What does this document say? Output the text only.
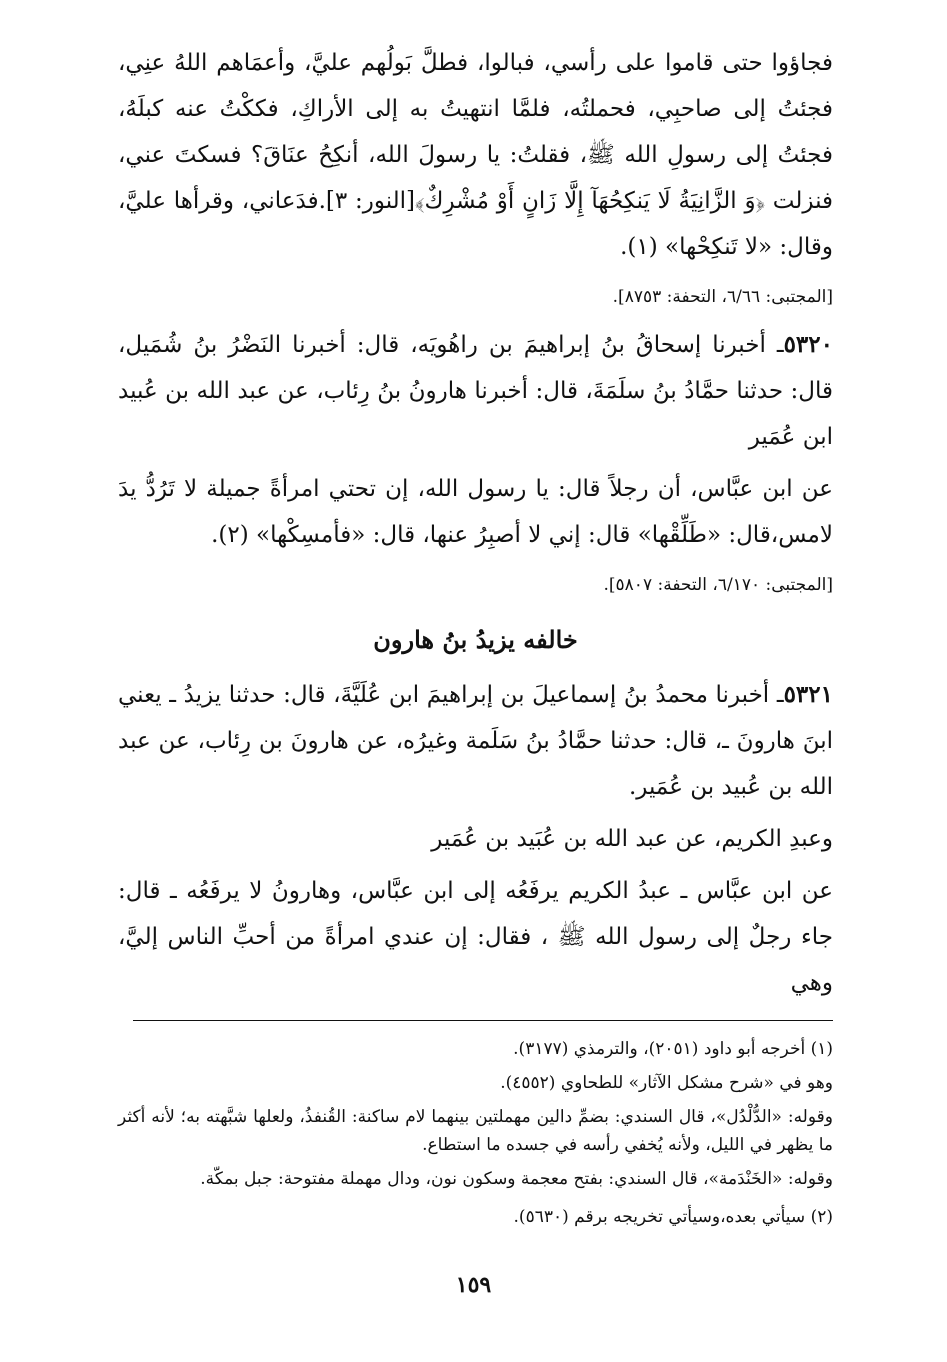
فجاؤوا حتى قاموا على رأسي، فبالوا، فطلَّ بَولُهم عليَّ، وأعمَاهم اللهُ عنِي، فجئتُ إلى صاحبِي، فحملتُه، فلمَّا انتهيتُ به إلى الأراكِ، فككْتُ عنه كبلَهُ، فجئتُ إلى رسولِ الله ﷺ، فقلتُ: يا رسولَ الله، أنكِحُ عنَاقَ؟ فسكتَ عني، فنزلت ﴿وَ الزَّانِيَةُ لَا يَنكِحُهَآ إِلَّا زَانٍ أَوْ مُشْرِكٌ﴾[النور: ٣].فدَعاني، وقرأها عليَّ، وقال: «لا تَنكِحْها» (١).

[المجتبى: ٦/٦٦، التحفة: ٨٧٥٣].

٥٣٢٠ـ أخبرنا إسحاقُ بنُ إبراهيمَ بن راهُويَه، قال: أخبرنا النَضْرُ بنُ شُمَيل، قال: حدثنا حمَّادُ بنُ سلَمَةَ، قال: أخبرنا هارونُ بنُ رِئاب، عن عبد الله بن عُبيد ابن عُمَير

عن ابن عبَّاس، أن رجلاً قال: يا رسول الله، إن تحتي امرأةً جميلة لا تَرُدُّ يدَ لامس،قال: «طَلِّقْها» قال: إني لا أصبِرُ عنها، قال: «فأمسِكْها» (٢).

[المجتبى: ٦/١٧٠، التحفة: ٥٨٠٧].

خالفه يزيدُ بنُ هارون

٥٣٢١ـ أخبرنا محمدُ بنُ إسماعيلَ بن إبراهيمَ ابن عُلَيَّةَ، قال: حدثنا يزيدُ ـ يعني ابنَ هارونَ ـ، قال: حدثنا حمَّادُ بنُ سَلَمة وغيرُه، عن هارونَ بن رِئاب، عن عبد الله بن عُبيد بن عُمَير.

وعبدِ الكريم، عن عبد الله بن عُبَيد بن عُمَير

عن ابن عبَّاس ـ عبدُ الكريم يرفَعُه إلى ابن عبَّاس، وهارونُ لا يرفَعُه ـ قال: جاء رجلٌ إلى رسول الله ﷺ ، فقال: إن عندي امرأةً من أحبِّ الناس إليَّ، وهي

(١) أخرجه أبو داود (٢٠٥١)، والترمذي (٣١٧٧).

وهو في «شرح مشكل الآثار» للطحاوي (٤٥٥٢).

وقوله: «الدُّلْدُل»، قال السندي: بضمِّ دالين مهملتين بينهما لام ساكنة: القُنفذُ، ولعلها شبَّهته به؛ لأنه أكثر ما يظهر في الليل، ولأنه يُخفي رأسه في جسده ما استطاع.

وقوله: «الخَنْدَمة»، قال السندي: بفتح معجمة وسكون نون، ودال مهملة مفتوحة: جبل بمكّة.

(٢) سيأتي بعده،وسيأتي تخريجه برقم (٥٦٣٠).

١٥٩
